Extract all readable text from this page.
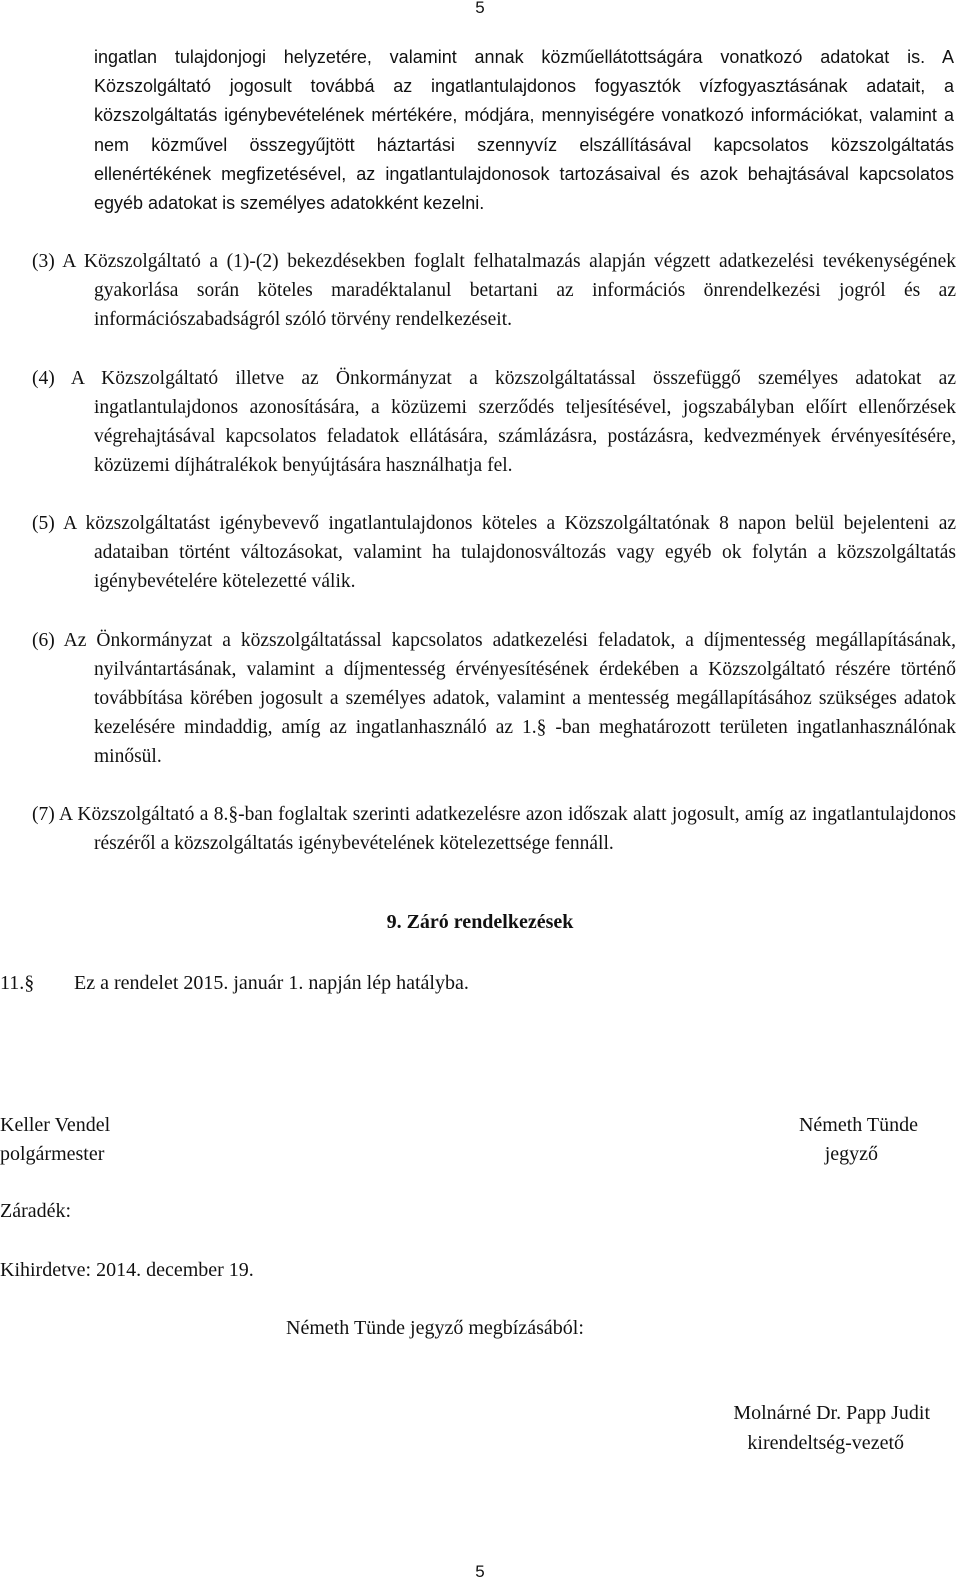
5
ingatlan tulajdonjogi helyzetére, valamint annak közműellátottságára vonatkozó adatokat is. A Közszolgáltató jogosult továbbá az ingatlantulajdonos fogyasztók vízfogyasztásának adatait, a közszolgáltatás igénybevételének mértékére, módjára, mennyiségére vonatkozó információkat, valamint a nem közművel összegyűjtött háztartási szennyvíz elszállításával kapcsolatos közszolgáltatás ellenértékének megfizetésével, az ingatlantulajdonosok tartozásaival és azok behajtásával kapcsolatos egyéb adatokat is személyes adatokként kezelni.
(3) A Közszolgáltató a (1)-(2) bekezdésekben foglalt felhatalmazás alapján végzett adatkezelési tevékenységének gyakorlása során köteles maradéktalanul betartani az információs önrendelkezési jogról és az információszabadságról szóló törvény rendelkezéseit.
(4) A Közszolgáltató illetve az Önkormányzat a közszolgáltatással összefüggő személyes adatokat az ingatlantulajdonos azonosítására, a közüzemi szerződés teljesítésével, jogszabályban előírt ellenőrzések végrehajtásával kapcsolatos feladatok ellátására, számlázásra, postázásra, kedvezmények érvényesítésére, közüzemi díjhátralékok benyújtására használhatja fel.
(5) A közszolgáltatást igénybevevő ingatlantulajdonos köteles a Közszolgáltatónak 8 napon belül bejelenteni az adataiban történt változásokat, valamint ha tulajdonosváltozás vagy egyéb ok folytán a közszolgáltatás igénybevételére kötelezetté válik.
(6) Az Önkormányzat a közszolgáltatással kapcsolatos adatkezelési feladatok, a díjmentesség megállapításának, nyilvántartásának, valamint a díjmentesség érvényesítésének érdekében a Közszolgáltató részére történő továbbítása körében jogosult a személyes adatok, valamint a mentesség megállapításához szükséges adatok kezelésére mindaddig, amíg az ingatlanhasználó az 1.§ -ban meghatározott területen ingatlanhasználónak minősül.
(7) A Közszolgáltató a 8.§-ban foglaltak szerinti adatkezelésre azon időszak alatt jogosult, amíg az ingatlantulajdonos részéről a közszolgáltatás igénybevételének kötelezettsége fennáll.
9. Záró rendelkezések
11.§ Ez a rendelet 2015. január 1. napján lép hatályba.
Keller Vendel
polgármester
Németh Tünde
jegyző
Záradék:
Kihirdetve: 2014. december 19.
Németh Tünde jegyző megbízásából:
Molnárné Dr. Papp Judit
kirendeltség-vezető
5
